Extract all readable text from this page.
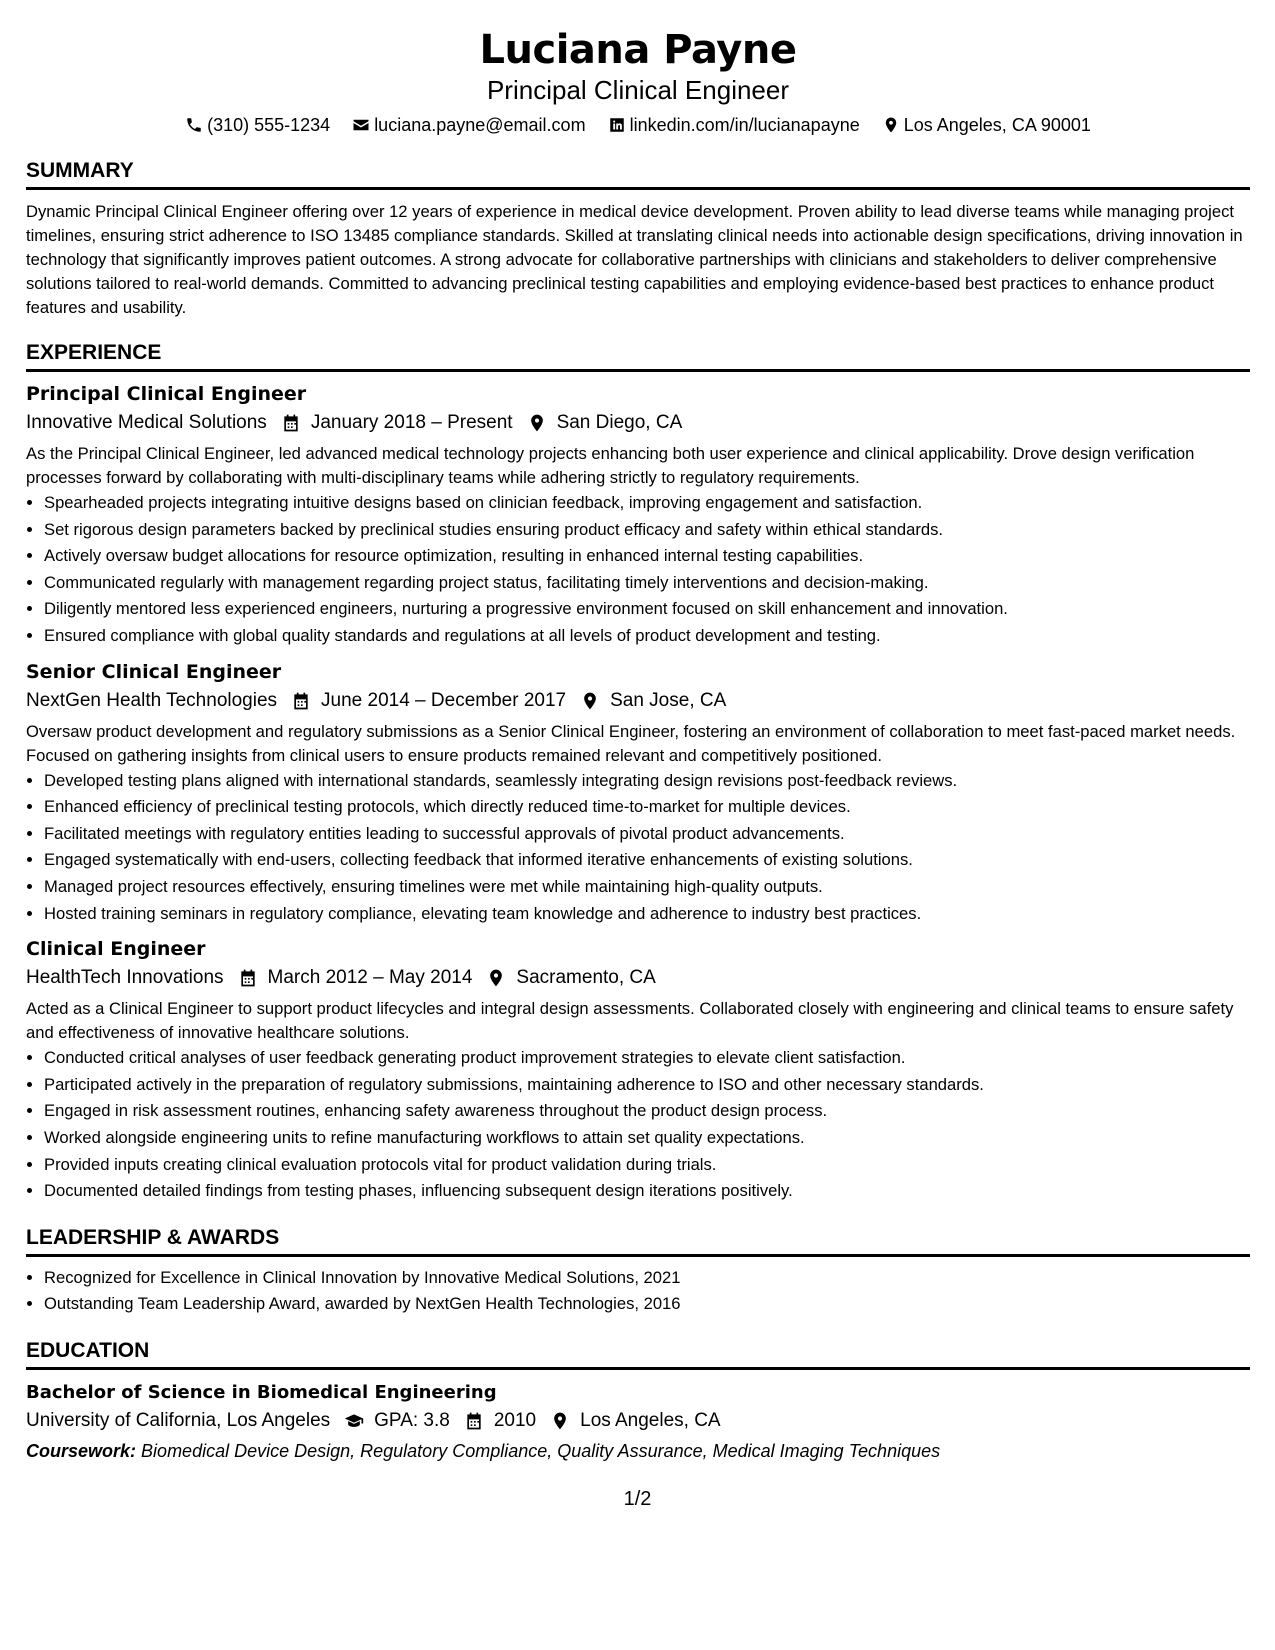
Luciana Payne
Principal Clinical Engineer
(310) 555-1234 luciana.payne@email.com linkedin.com/in/lucianapayne Los Angeles, CA 90001
SUMMARY
Dynamic Principal Clinical Engineer offering over 12 years of experience in medical device development. Proven ability to lead diverse teams while managing project timelines, ensuring strict adherence to ISO 13485 compliance standards. Skilled at translating clinical needs into actionable design specifications, driving innovation in technology that significantly improves patient outcomes. A strong advocate for collaborative partnerships with clinicians and stakeholders to deliver comprehensive solutions tailored to real-world demands. Committed to advancing preclinical testing capabilities and employing evidence-based best practices to enhance product features and usability.
EXPERIENCE
Principal Clinical Engineer
Innovative Medical Solutions January 2018 – Present San Diego, CA
As the Principal Clinical Engineer, led advanced medical technology projects enhancing both user experience and clinical applicability. Drove design verification processes forward by collaborating with multi-disciplinary teams while adhering strictly to regulatory requirements.
• Spearheaded projects integrating intuitive designs based on clinician feedback, improving engagement and satisfaction.
• Set rigorous design parameters backed by preclinical studies ensuring product efficacy and safety within ethical standards.
• Actively oversaw budget allocations for resource optimization, resulting in enhanced internal testing capabilities.
• Communicated regularly with management regarding project status, facilitating timely interventions and decision-making.
• Diligently mentored less experienced engineers, nurturing a progressive environment focused on skill enhancement and innovation.
• Ensured compliance with global quality standards and regulations at all levels of product development and testing.
Senior Clinical Engineer
NextGen Health Technologies June 2014 – December 2017 San Jose, CA
Oversaw product development and regulatory submissions as a Senior Clinical Engineer, fostering an environment of collaboration to meet fast-paced market needs. Focused on gathering insights from clinical users to ensure products remained relevant and competitively positioned.
• Developed testing plans aligned with international standards, seamlessly integrating design revisions post-feedback reviews.
• Enhanced efficiency of preclinical testing protocols, which directly reduced time-to-market for multiple devices.
• Facilitated meetings with regulatory entities leading to successful approvals of pivotal product advancements.
• Engaged systematically with end-users, collecting feedback that informed iterative enhancements of existing solutions.
• Managed project resources effectively, ensuring timelines were met while maintaining high-quality outputs.
• Hosted training seminars in regulatory compliance, elevating team knowledge and adherence to industry best practices.
Clinical Engineer
HealthTech Innovations March 2012 – May 2014 Sacramento, CA
Acted as a Clinical Engineer to support product lifecycles and integral design assessments. Collaborated closely with engineering and clinical teams to ensure safety and effectiveness of innovative healthcare solutions.
• Conducted critical analyses of user feedback generating product improvement strategies to elevate client satisfaction.
• Participated actively in the preparation of regulatory submissions, maintaining adherence to ISO and other necessary standards.
• Engaged in risk assessment routines, enhancing safety awareness throughout the product design process.
• Worked alongside engineering units to refine manufacturing workflows to attain set quality expectations.
• Provided inputs creating clinical evaluation protocols vital for product validation during trials.
• Documented detailed findings from testing phases, influencing subsequent design iterations positively.
LEADERSHIP & AWARDS
• Recognized for Excellence in Clinical Innovation by Innovative Medical Solutions, 2021
• Outstanding Team Leadership Award, awarded by NextGen Health Technologies, 2016
EDUCATION
Bachelor of Science in Biomedical Engineering
University of California, Los Angeles GPA: 3.8 2010 Los Angeles, CA
Coursework: Biomedical Device Design, Regulatory Compliance, Quality Assurance, Medical Imaging Techniques
1/2
